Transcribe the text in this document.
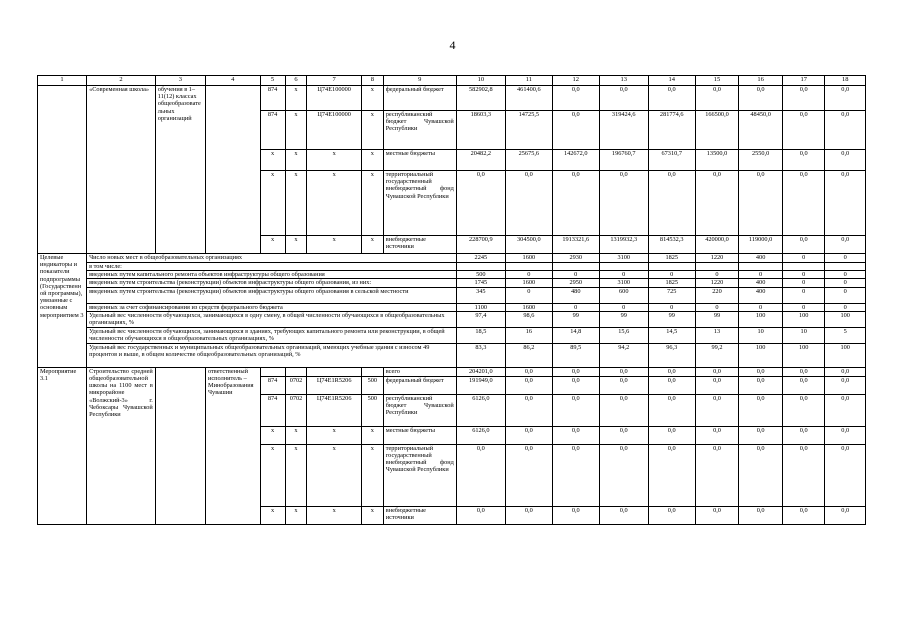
4
1	2	3	4	5	6	7	8	9	10	11	12	13	14	15	16	17	18
	«Современная школа»	обучения в 1–11(12) классах общеобразовательных организаций		874	x	Ц74Е100000	x	федеральный бюджет	582902,8	461400,6	0,0	0,0	0,0	0,0	0,0	0,0	0,0
				874	x	Ц74Е100000	x	республиканский бюджет Чувашской Республики	18603,3	14725,5	0,0	319424,6	281774,6	166500,0	48450,0	0,0	0,0
				x	x	x	x	местные бюджеты	20482,2	25675,6	142672,0	196760,7	67310,7	13500,0	2550,0	0,0	0,0
				x	x	x	x	территориальный государственный внебюджетный фонд Чувашской Республики	0,0	0,0	0,0	0,0	0,0	0,0	0,0	0,0	0,0
				x	x	x	x	внебюджетные источники	228700,9	304500,0	1913321,6	1319932,3	814532,3	420000,0	119000,0	0,0	0,0
Целевые индикаторы и показатели подпрограммы (Государственной программы), увязанные с основным мероприятием 3	Число новых мест в общеобразовательных организациях								2245	1600	2930	3100	1825	1220	400	0	0
	в том числе:																
	введенных путем капитального ремонта объектов инфраструктуры общего образования								500	0	0	0	0	0	0	0	0
	введенных путем строительства (реконструкции) объектов инфраструктуры общего образования, из них:								1745	1600	2950	3100	1825	1220	400	0	0
	введенных путем строительства (реконструкции) объектов инфраструктуры общего образования в сельской местности								345	0	480	600	725	220	400	0	0
	введенных за счет софинансирования из средств федерального бюджета								1100	1600	0	0	0	0	0	0	0
	Удельный вес численности обучающихся, занимающихся в одну смену, в общей численности обучающихся в общеобразовательных организациях, %								97,4	98,6	99	99	99	99	100	100	100
	Удельный вес численности обучающихся, занимающихся в зданиях, требующих капитального ремонта или реконструкции, в общей численности обучающихся в общеобразовательных организациях, %								18,5	16	14,8	15,6	14,5	13	10	10	5
	Удельный вес государственных и муниципальных общеобразовательных организаций, имеющих учебные здания с износом 49 процентов и выше, в общем количестве общеобразовательных организаций, %								83,3	86,2	89,5	94,2	96,3	99,2	100	100	100
Мероприятие 3.1	Строительство средней общеобразовательной школы на 1100 мест в микрорайоне «Волжский-3» г. Чебоксары Чувашской Республики		ответственный исполнитель – Минобразования Чувашии					всего	204201,0	0,0	0,0	0,0	0,0	0,0	0,0	0,0	0,0
				874	0702	Ц74Е1R5206	500	федеральный бюджет	191949,0	0,0	0,0	0,0	0,0	0,0	0,0	0,0	0,0
				874	0702	Ц74Е1R5206	500	республиканский бюджет Чувашской Республики	6126,0	0,0	0,0	0,0	0,0	0,0	0,0	0,0	0,0
				x	x	x	x	местные бюджеты	6126,0	0,0	0,0	0,0	0,0	0,0	0,0	0,0	0,0
				x	x	x	x	территориальный государственный внебюджетный фонд Чувашской Республики	0,0	0,0	0,0	0,0	0,0	0,0	0,0	0,0	0,0
				x	x	x	x	внебюджетные источники	0,0	0,0	0,0	0,0	0,0	0,0	0,0	0,0	0,0
